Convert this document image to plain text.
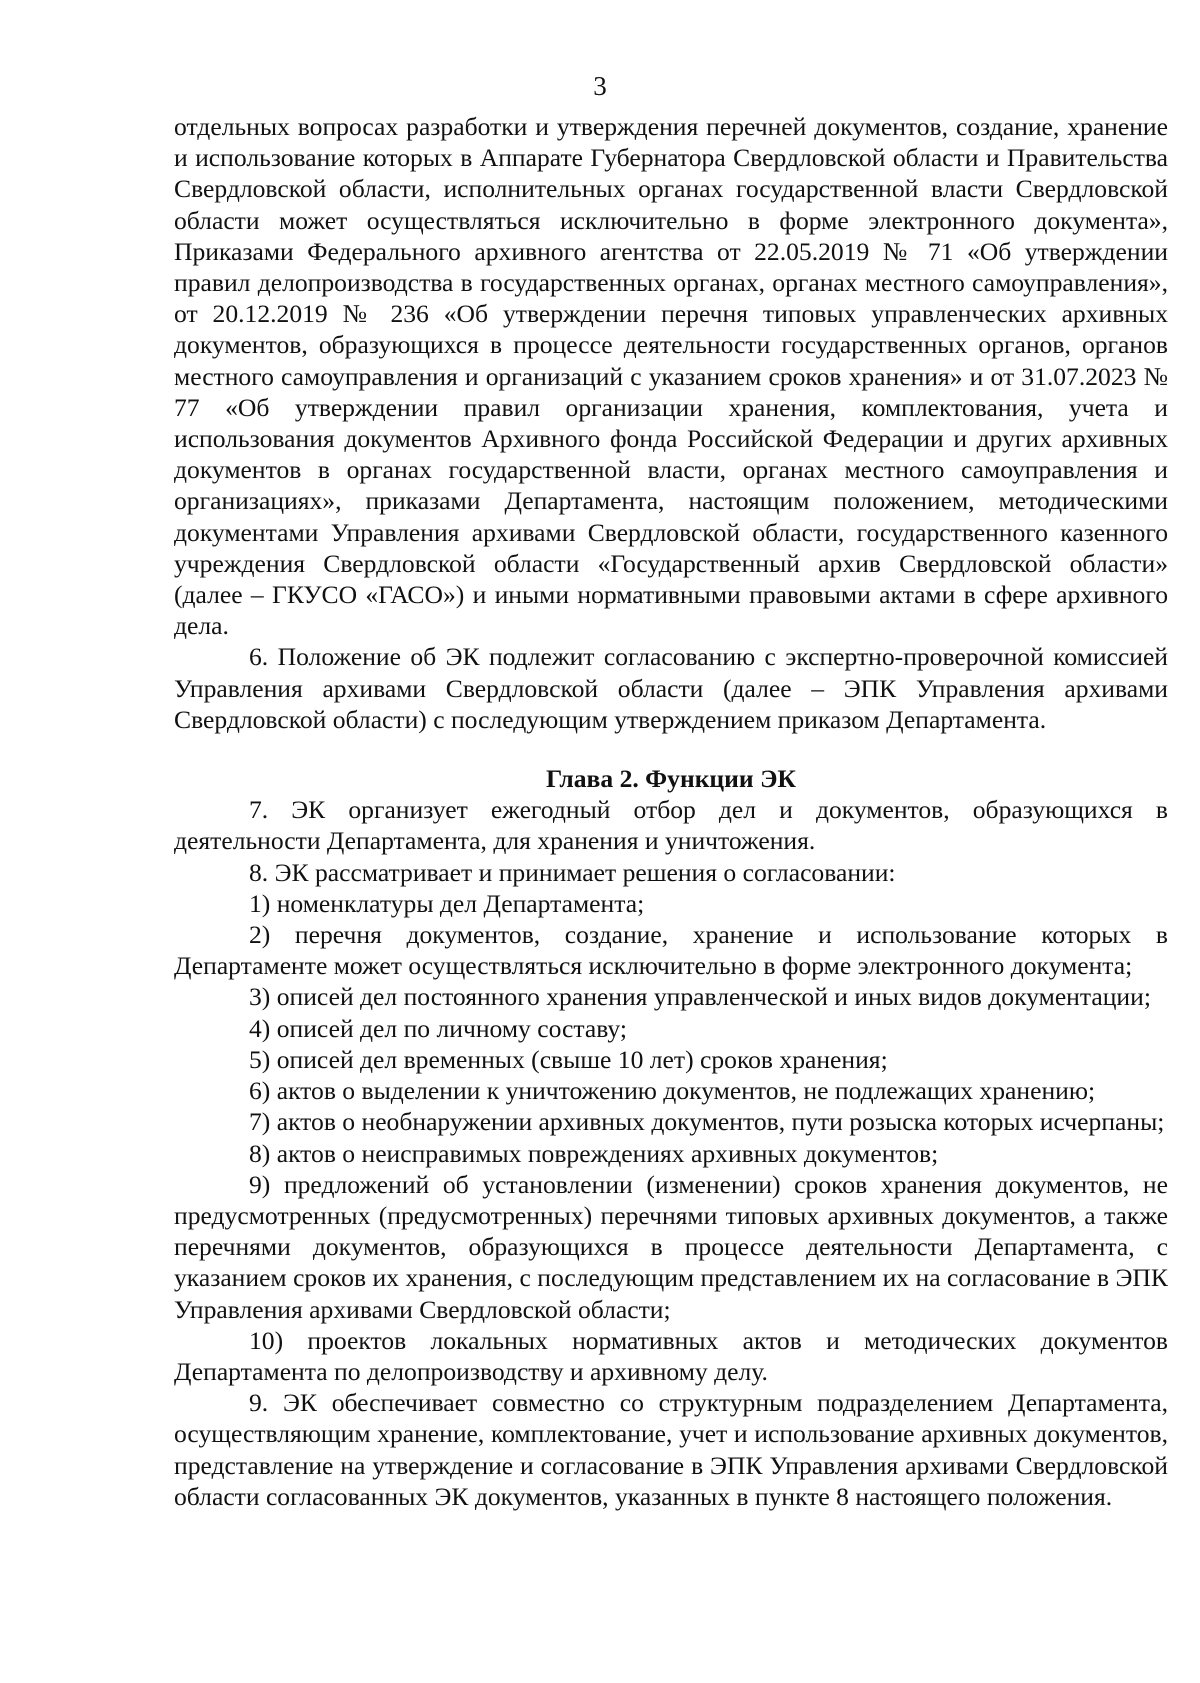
3

отдельных вопросах разработки и утверждения перечней документов, создание, хранение и использование которых в Аппарате Губернатора Свердловской области и Правительства Свердловской области, исполнительных органах государственной власти Свердловской области может осуществляться исключительно в форме электронного документа», Приказами Федерального архивного агентства от 22.05.2019 № 71 «Об утверждении правил делопроизводства в государственных органах, органах местного самоуправления», от 20.12.2019 № 236 «Об утверждении перечня типовых управленческих архивных документов, образующихся в процессе деятельности государственных органов, органов местного самоуправления и организаций с указанием сроков хранения» и от 31.07.2023 № 77 «Об утверждении правил организации хранения, комплектования, учета и использования документов Архивного фонда Российской Федерации и других архивных документов в органах государственной власти, органах местного самоуправления и организациях», приказами Департамента, настоящим положением, методическими документами Управления архивами Свердловской области, государственного казенного учреждения Свердловской области «Государственный архив Свердловской области» (далее – ГКУСО «ГАСО») и иными нормативными правовыми актами в сфере архивного дела.

6. Положение об ЭК подлежит согласованию с экспертно-проверочной комиссией Управления архивами Свердловской области (далее – ЭПК Управления архивами Свердловской области) с последующим утверждением приказом Департамента.

Глава 2. Функции ЭК

7. ЭК организует ежегодный отбор дел и документов, образующихся в деятельности Департамента, для хранения и уничтожения.

8. ЭК рассматривает и принимает решения о согласовании:

1) номенклатуры дел Департамента;

2) перечня документов, создание, хранение и использование которых в Департаменте может осуществляться исключительно в форме электронного документа;

3) описей дел постоянного хранения управленческой и иных видов документации;

4) описей дел по личному составу;

5) описей дел временных (свыше 10 лет) сроков хранения;

6) актов о выделении к уничтожению документов, не подлежащих хранению;

7) актов о необнаружении архивных документов, пути розыска которых исчерпаны;

8) актов о неисправимых повреждениях архивных документов;

9) предложений об установлении (изменении) сроков хранения документов, не предусмотренных (предусмотренных) перечнями типовых архивных документов, а также перечнями документов, образующихся в процессе деятельности Департамента, с указанием сроков их хранения, с последующим представлением их на согласование в ЭПК Управления архивами Свердловской области;

10) проектов локальных нормативных актов и методических документов Департамента по делопроизводству и архивному делу.

9. ЭК обеспечивает совместно со структурным подразделением Департамента, осуществляющим хранение, комплектование, учет и использование архивных документов, представление на утверждение и согласование в ЭПК Управления архивами Свердловской области согласованных ЭК документов, указанных в пункте 8 настоящего положения.
